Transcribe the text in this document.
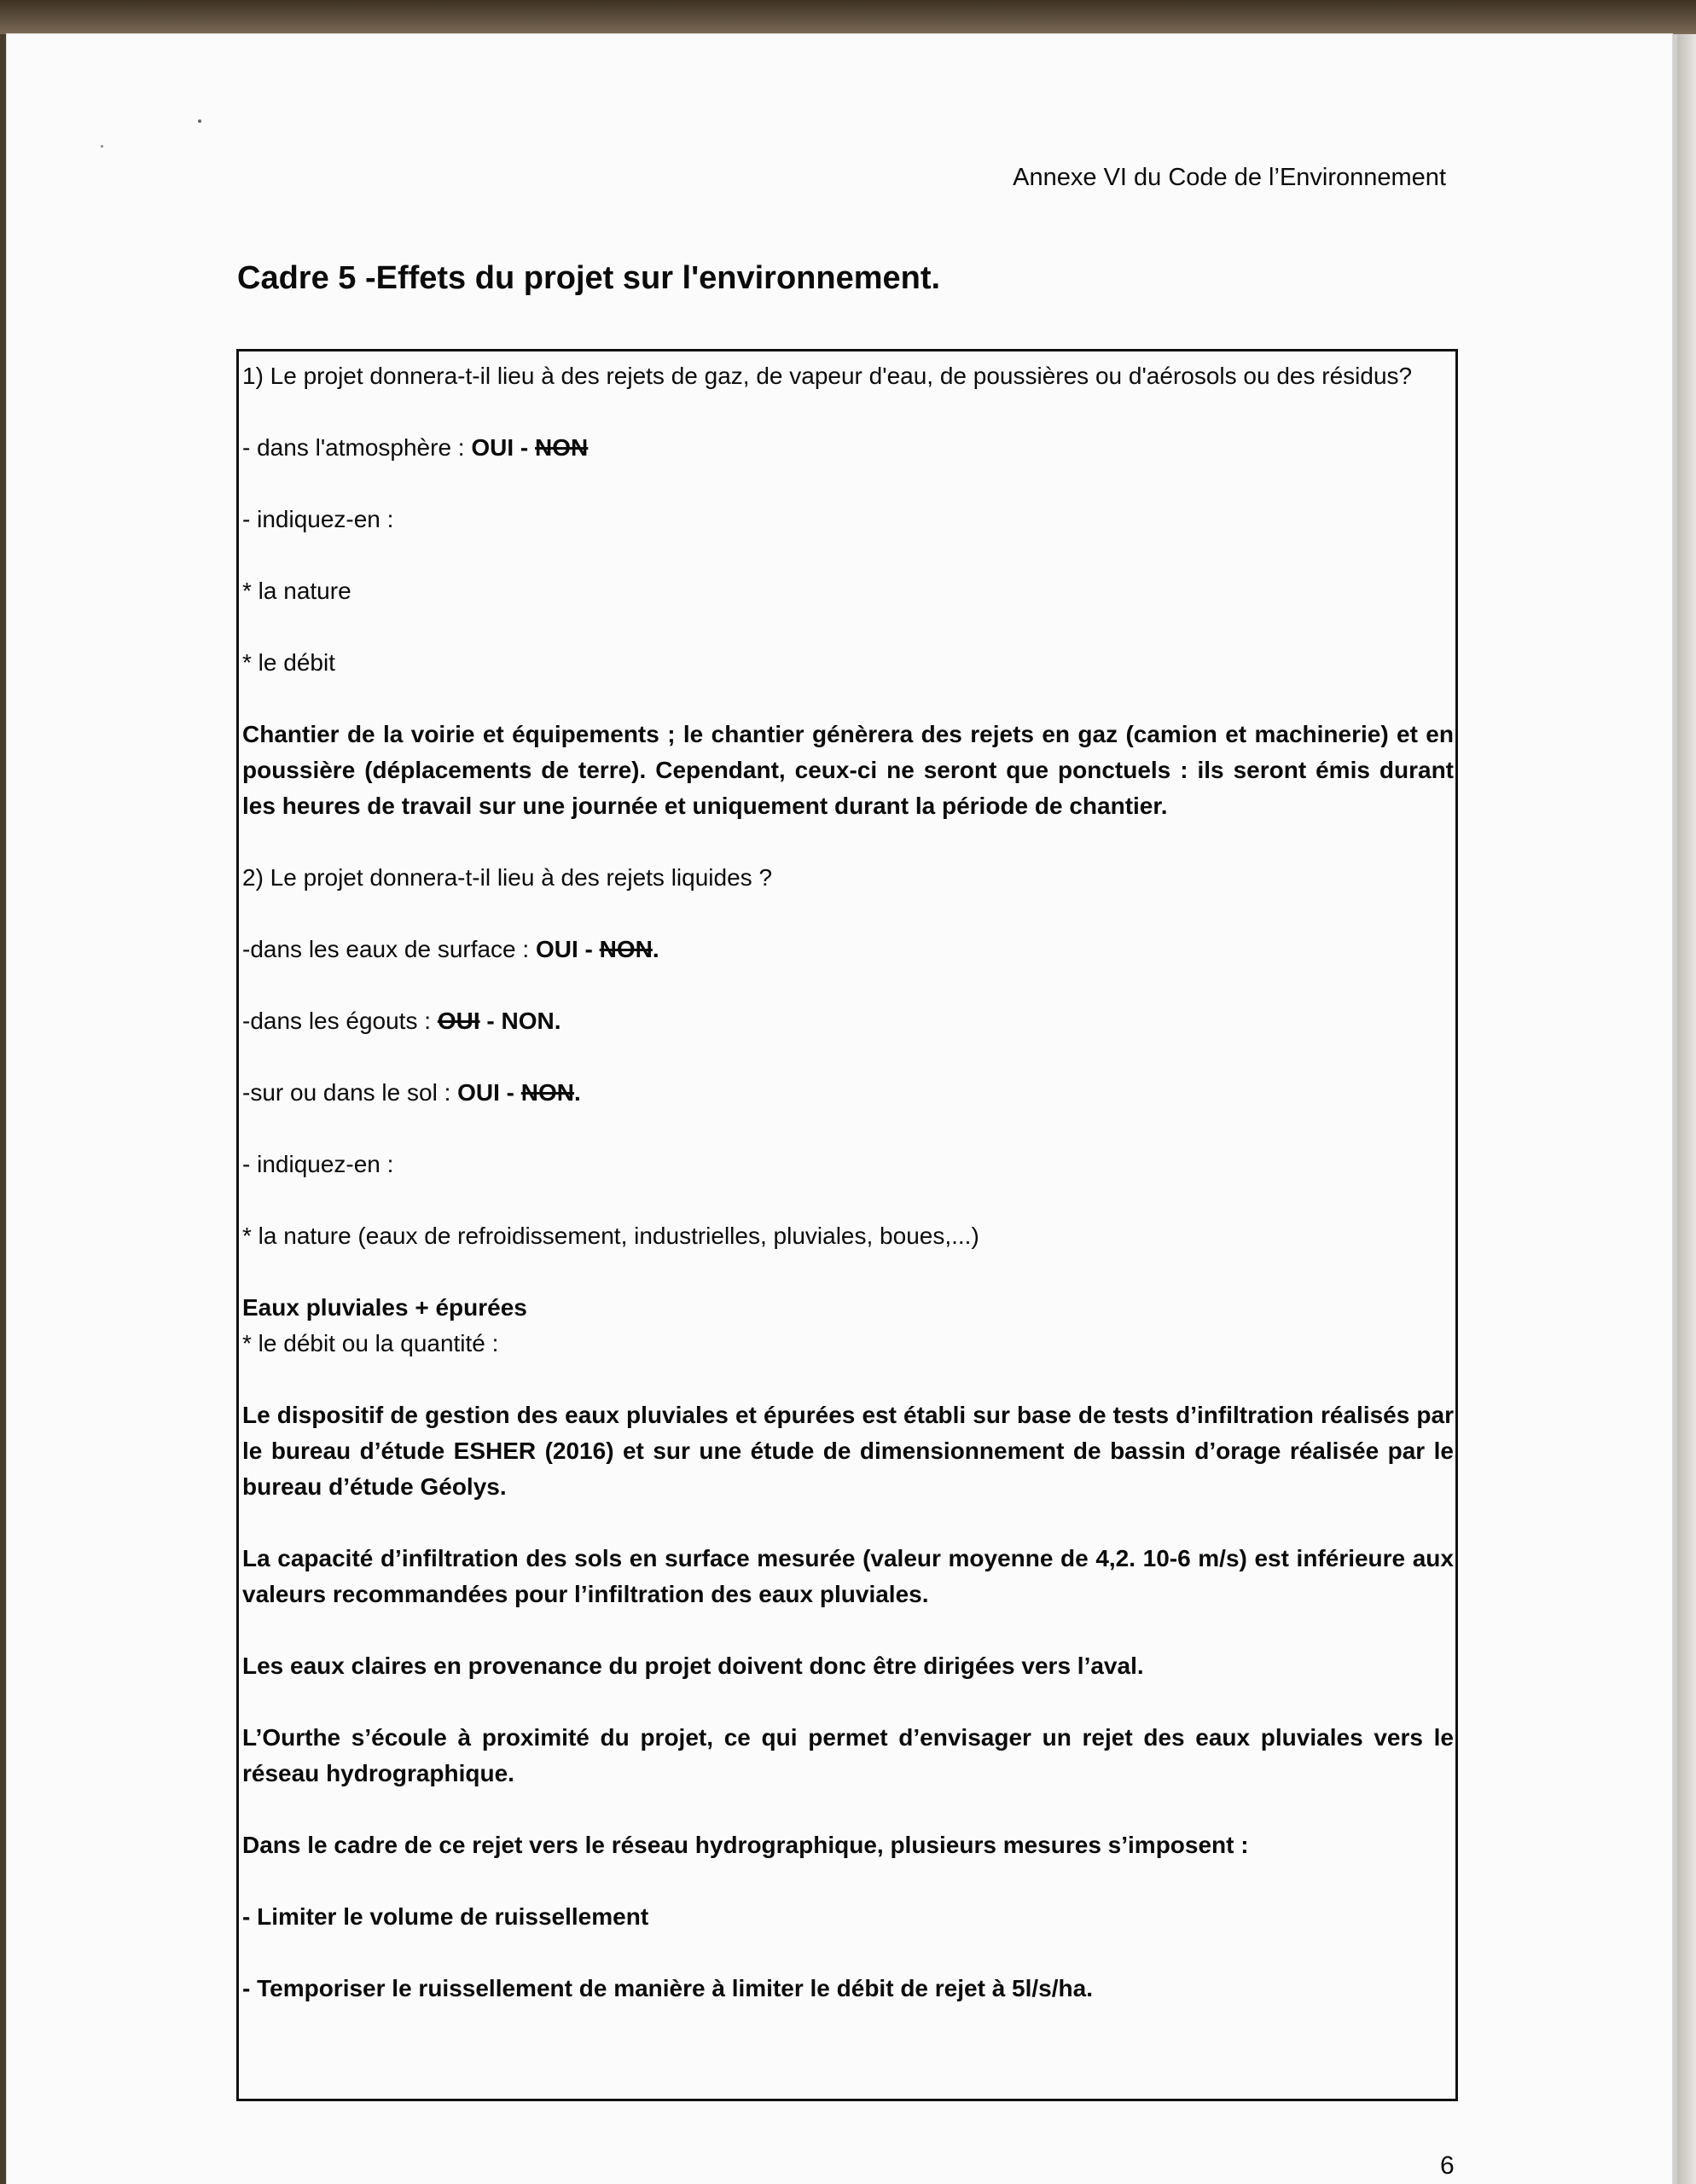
Annexe VI du Code de l’Environnement
Cadre 5 -Effets du projet sur l'environnement.

1) Le projet donnera-t-il lieu à des rejets de gaz, de vapeur d'eau, de poussières ou d'aérosols ou des résidus?

- dans l'atmosphère : OUI - NON

- indiquez-en :

* la nature

* le débit

Chantier de la voirie et équipements ; le chantier génèrera des rejets en gaz (camion et machinerie) et en poussière (déplacements de terre). Cependant, ceux-ci ne seront que ponctuels : ils seront émis durant les heures de travail sur une journée et uniquement durant la période de chantier.

2) Le projet donnera-t-il lieu à des rejets liquides ?

-dans les eaux de surface : OUI - NON.

-dans les égouts : OUI - NON.

-sur ou dans le sol : OUI - NON.

- indiquez-en :

* la nature (eaux de refroidissement, industrielles, pluviales, boues,...)

Eaux pluviales + épurées

* le débit ou la quantité :

Le dispositif de gestion des eaux pluviales et épurées est établi sur base de tests d’infiltration réalisés par le bureau d’étude ESHER (2016) et sur une étude de dimensionnement de bassin d’orage réalisée par le bureau d’étude Géolys.

La capacité d’infiltration des sols en surface mesurée (valeur moyenne de 4,2. 10-6 m/s) est inférieure aux valeurs recommandées pour l’infiltration des eaux pluviales.

Les eaux claires en provenance du projet doivent donc être dirigées vers l’aval.

L’Ourthe s’écoule à proximité du projet, ce qui permet d’envisager un rejet des eaux pluviales vers le réseau hydrographique.

Dans le cadre de ce rejet vers le réseau hydrographique, plusieurs mesures s’imposent :

- Limiter le volume de ruissellement

- Temporiser le ruissellement de manière à limiter le débit de rejet à 5l/s/ha.

6
